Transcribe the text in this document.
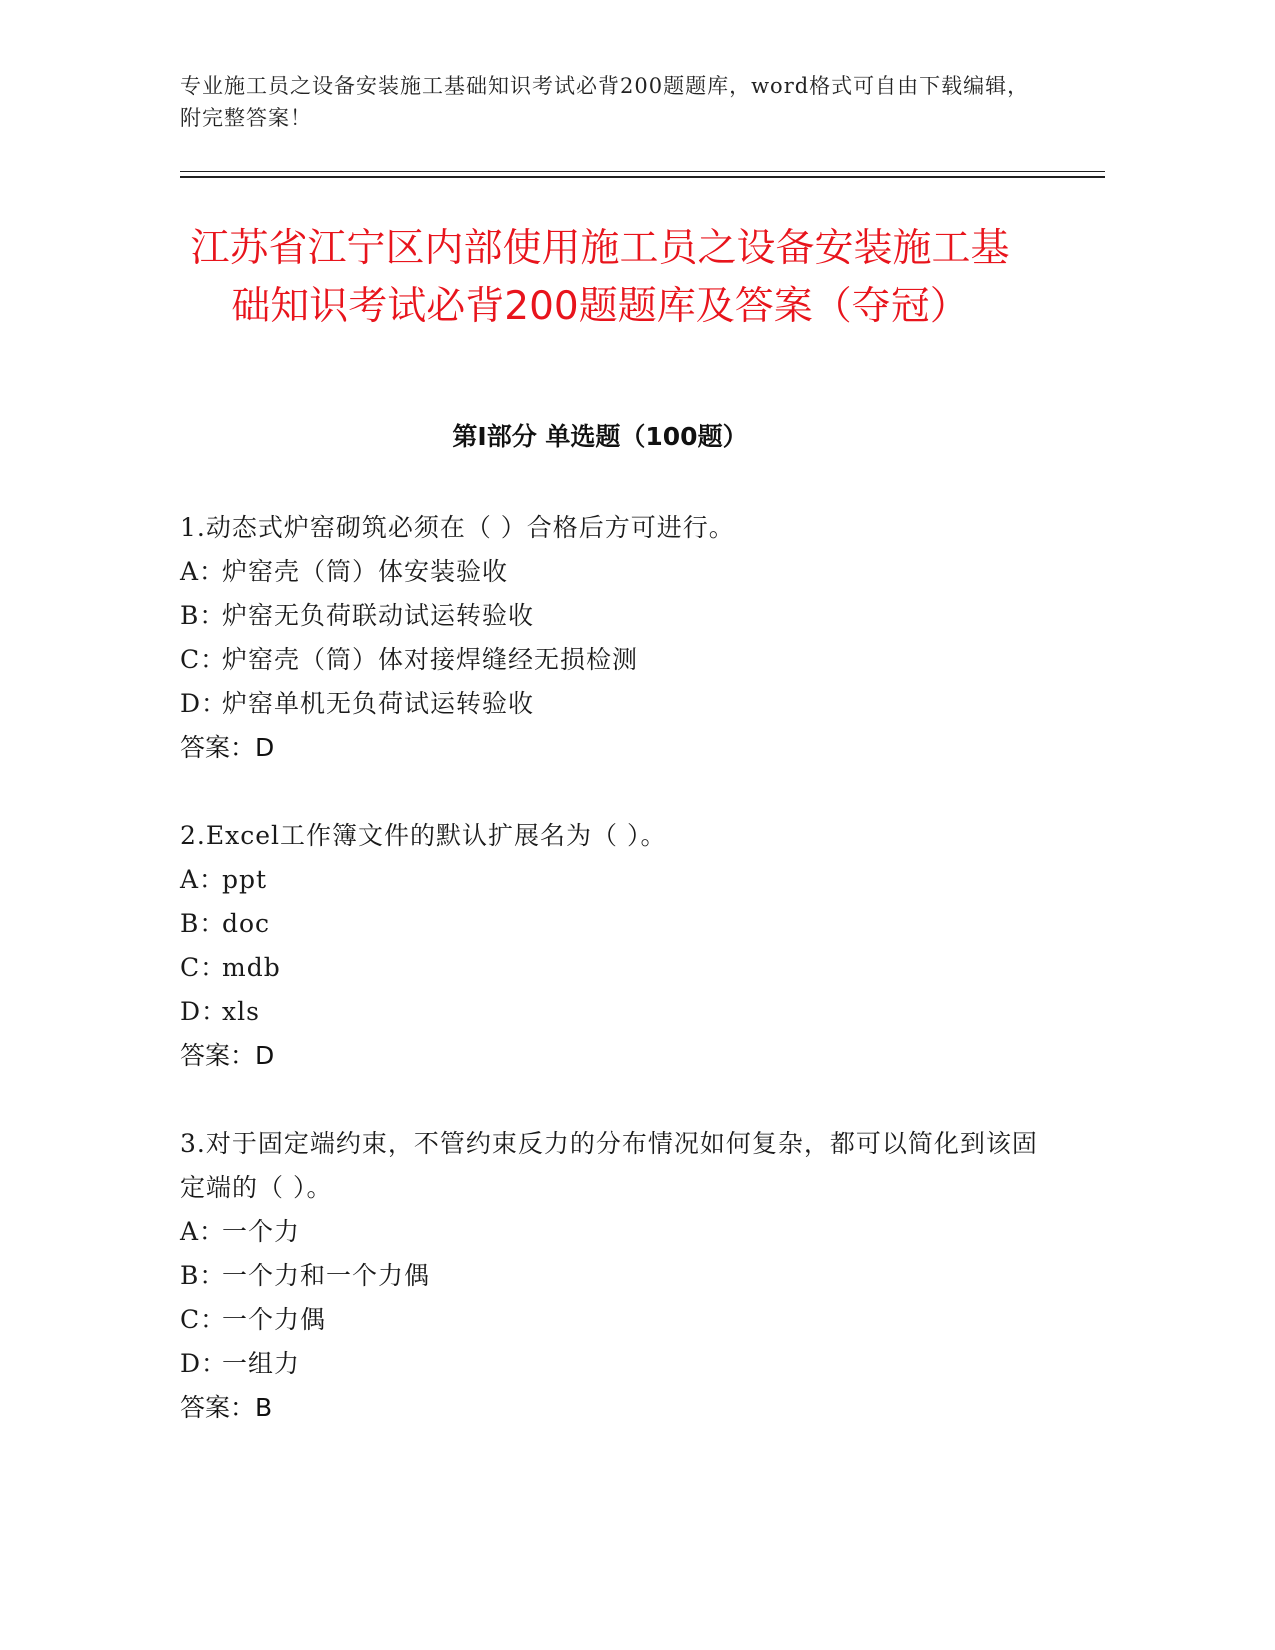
专业施工员之设备安装施工基础知识考试必背200题题库，word格式可自由下载编辑，附完整答案！
江苏省江宁区内部使用施工员之设备安装施工基础知识考试必背200题题库及答案（夺冠）
第Ⅰ部分 单选题（100题）
1.动态式炉窑砌筑必须在（ ）合格后方可进行。
A：炉窑壳（筒）体安装验收
B：炉窑无负荷联动试运转验收
C：炉窑壳（筒）体对接焊缝经无损检测
D：炉窑单机无负荷试运转验收
答案：D
2.Excel工作簿文件的默认扩展名为（ ）。
A：ppt
B：doc
C：mdb
D：xls
答案：D
3.对于固定端约束，不管约束反力的分布情况如何复杂，都可以简化到该固定端的（ ）。
A：一个力
B：一个力和一个力偶
C：一个力偶
D：一组力
答案：B
